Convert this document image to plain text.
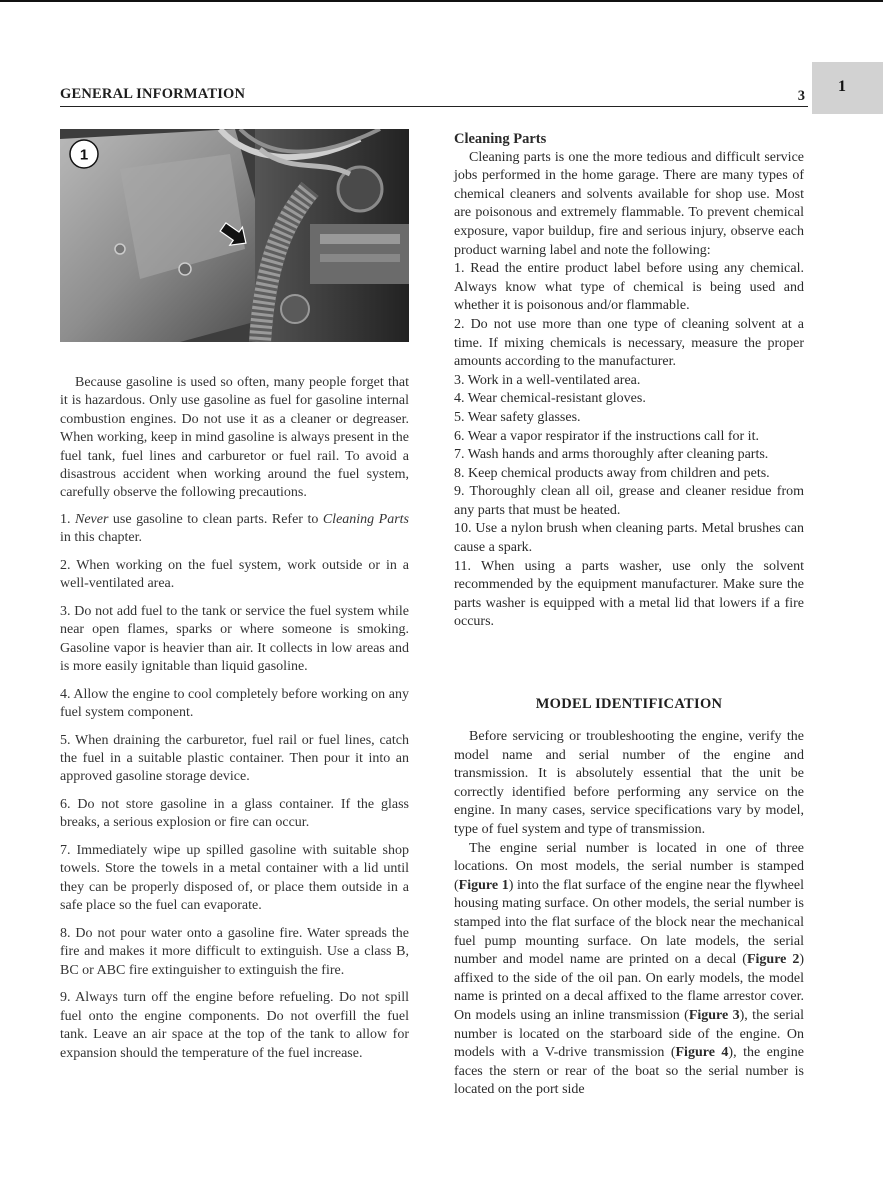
GENERAL INFORMATION	3
1
1

Because gasoline is used so often, many people forget that it is hazardous. Only use gasoline as fuel for gasoline internal combustion engines. Do not use it as a cleaner or degreaser. When working, keep in mind gasoline is always present in the fuel tank, fuel lines and carburetor or fuel rail. To avoid a disastrous accident when working around the fuel system, carefully observe the following precautions.

1. Never use gasoline to clean parts. Refer to Cleaning Parts in this chapter.

2. When working on the fuel system, work outside or in a well-ventilated area.

3. Do not add fuel to the tank or service the fuel system while near open flames, sparks or where someone is smoking. Gasoline vapor is heavier than air. It collects in low areas and is more easily ignitable than liquid gasoline.

4. Allow the engine to cool completely before working on any fuel system component.

5. When draining the carburetor, fuel rail or fuel lines, catch the fuel in a suitable plastic container. Then pour it into an approved gasoline storage device.

6. Do not store gasoline in a glass container. If the glass breaks, a serious explosion or fire can occur.

7. Immediately wipe up spilled gasoline with suitable shop towels. Store the towels in a metal container with a lid until they can be properly disposed of, or place them outside in a safe place so the fuel can evaporate.

8. Do not pour water onto a gasoline fire. Water spreads the fire and makes it more difficult to extinguish. Use a class B, BC or ABC fire extinguisher to extinguish the fire.

9. Always turn off the engine before refueling. Do not spill fuel onto the engine components. Do not overfill the fuel tank. Leave an air space at the top of the tank to allow for expansion should the temperature of the fuel increase.

Cleaning Parts

Cleaning parts is one the more tedious and difficult service jobs performed in the home garage. There are many types of chemical cleaners and solvents available for shop use. Most are poisonous and extremely flammable. To prevent chemical exposure, vapor buildup, fire and serious injury, observe each product warning label and note the following:

1. Read the entire product label before using any chemical. Always know what type of chemical is being used and whether it is poisonous and/or flammable.

2. Do not use more than one type of cleaning solvent at a time. If mixing chemicals is necessary, measure the proper amounts according to the manufacturer.

3. Work in a well-ventilated area.

4. Wear chemical-resistant gloves.

5. Wear safety glasses.

6. Wear a vapor respirator if the instructions call for it.

7. Wash hands and arms thoroughly after cleaning parts.

8. Keep chemical products away from children and pets.

9. Thoroughly clean all oil, grease and cleaner residue from any parts that must be heated.

10. Use a nylon brush when cleaning parts. Metal brushes can cause a spark.

11. When using a parts washer, use only the solvent recommended by the equipment manufacturer. Make sure the parts washer is equipped with a metal lid that lowers if a fire occurs.

MODEL IDENTIFICATION

Before servicing or troubleshooting the engine, verify the model name and serial number of the engine and transmission. It is absolutely essential that the unit be correctly identified before performing any service on the engine. In many cases, service specifications vary by model, type of fuel system and type of transmission.

The engine serial number is located in one of three locations. On most models, the serial number is stamped (Figure 1) into the flat surface of the engine near the flywheel housing mating surface. On other models, the serial number is stamped into the flat surface of the block near the mechanical fuel pump mounting surface. On late models, the serial number and model name are printed on a decal (Figure 2) affixed to the side of the oil pan. On early models, the model name is printed on a decal affixed to the flame arrestor cover. On models using an inline transmission (Figure 3), the serial number is located on the starboard side of the engine. On models with a V-drive transmission (Figure 4), the engine faces the stern or rear of the boat so the serial number is located on the port side
